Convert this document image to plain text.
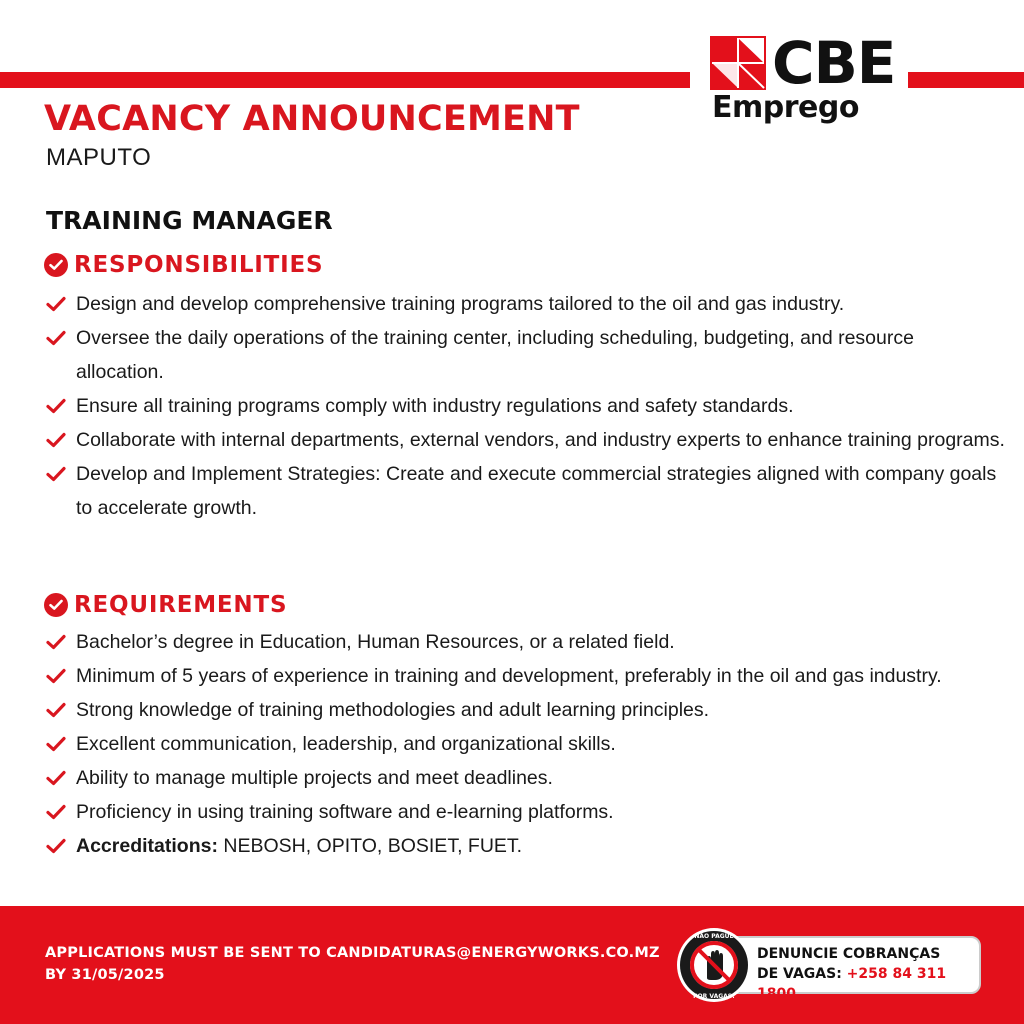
CBE
Emprego
VACANCY ANNOUNCEMENT
MAPUTO
TRAINING MANAGER
RESPONSIBILITIES
Design and develop comprehensive training programs tailored to the oil and gas industry.
Oversee the daily operations of the training center, including scheduling, budgeting, and resource allocation.
Ensure all training programs comply with industry regulations and safety standards.
Collaborate with internal departments, external vendors, and industry experts to enhance training programs.
Develop and Implement Strategies: Create and execute commercial strategies aligned with company goals to accelerate growth.
REQUIREMENTS
Bachelor’s degree in Education, Human Resources, or a related field.
Minimum of 5 years of experience in training and development, preferably in the oil and gas industry.
Strong knowledge of training methodologies and adult learning principles.
Excellent communication, leadership, and organizational skills.
Ability to manage multiple projects and meet deadlines.
Proficiency in using training software and e-learning platforms.
Accreditations: NEBOSH, OPITO, BOSIET, FUET.
APPLICATIONS MUST BE SENT TO CANDIDATURAS@ENERGYWORKS.CO.MZ
BY 31/05/2025
DENUNCIE COBRANÇAS
DE VAGAS: +258 84 311 1800
NÃO PAGUE
POR VAGAS!
